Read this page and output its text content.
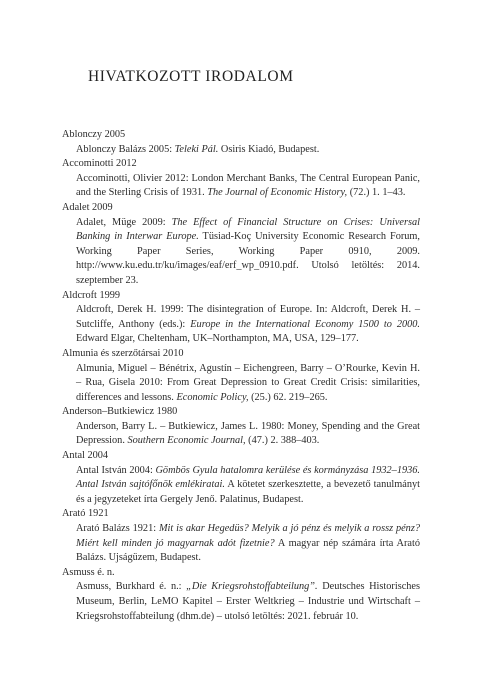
HIVATKOZOTT IRODALOM

Ablonczy 2005

Ablonczy Balázs 2005: Teleki Pál. Osiris Kiadó, Budapest.

Accominotti 2012

Accominotti, Olivier 2012: London Merchant Banks, The Central European Panic, and the Sterling Crisis of 1931. The Journal of Economic History, (72.) 1. 1–43.

Adalet 2009

Adalet, Müge 2009: The Effect of Financial Structure on Crises: Universal Banking in Interwar Europe. Tüsiad-Koç University Economic Research Forum, Working Paper Series, Working Paper 0910, 2009. http://www.ku.edu.tr/ku/images/eaf/erf_wp_0910.pdf. Utolsó letöltés: 2014. szeptember 23.

Aldcroft 1999

Aldcroft, Derek H. 1999: The disintegration of Europe. In: Aldcroft, Derek H. – Sutcliffe, Anthony (eds.): Europe in the International Economy 1500 to 2000. Edward Elgar, Cheltenham, UK–Northampton, MA, USA, 129–177.

Almunia és szerzőtársai 2010

Almunia, Miguel – Bénétrix, Agustín – Eichengreen, Barry – O’Rourke, Kevin H. – Rua, Gisela 2010: From Great Depression to Great Credit Crisis: similarities, differences and lessons. Economic Policy, (25.) 62. 219–265.

Anderson–Butkiewicz 1980

Anderson, Barry L. – Butkiewicz, James L. 1980: Money, Spending and the Great Depression. Southern Economic Journal, (47.) 2. 388–403.

Antal 2004

Antal István 2004: Gömbös Gyula hatalomra kerülése és kormányzása 1932–1936. Antal István sajtófőnök emlékiratai. A kötetet szerkesztette, a bevezető tanulmányt és a jegyzeteket írta Gergely Jenő. Palatinus, Budapest.

Arató 1921

Arató Balázs 1921: Mit is akar Hegedüs? Melyik a jó pénz és melyik a rossz pénz? Miért kell minden jó magyarnak adót fizetnie? A magyar nép számára írta Arató Balázs. Ujságüzem, Budapest.

Asmuss é. n.

Asmuss, Burkhard é. n.: „Die Kriegsrohstoffabteilung”. Deutsches Historisches Museum, Berlin, LeMO Kapitel – Erster Weltkrieg – Industrie und Wirtschaft – Kriegsrohstoffabteilung (dhm.de) – utolsó letöltés: 2021. február 10.
